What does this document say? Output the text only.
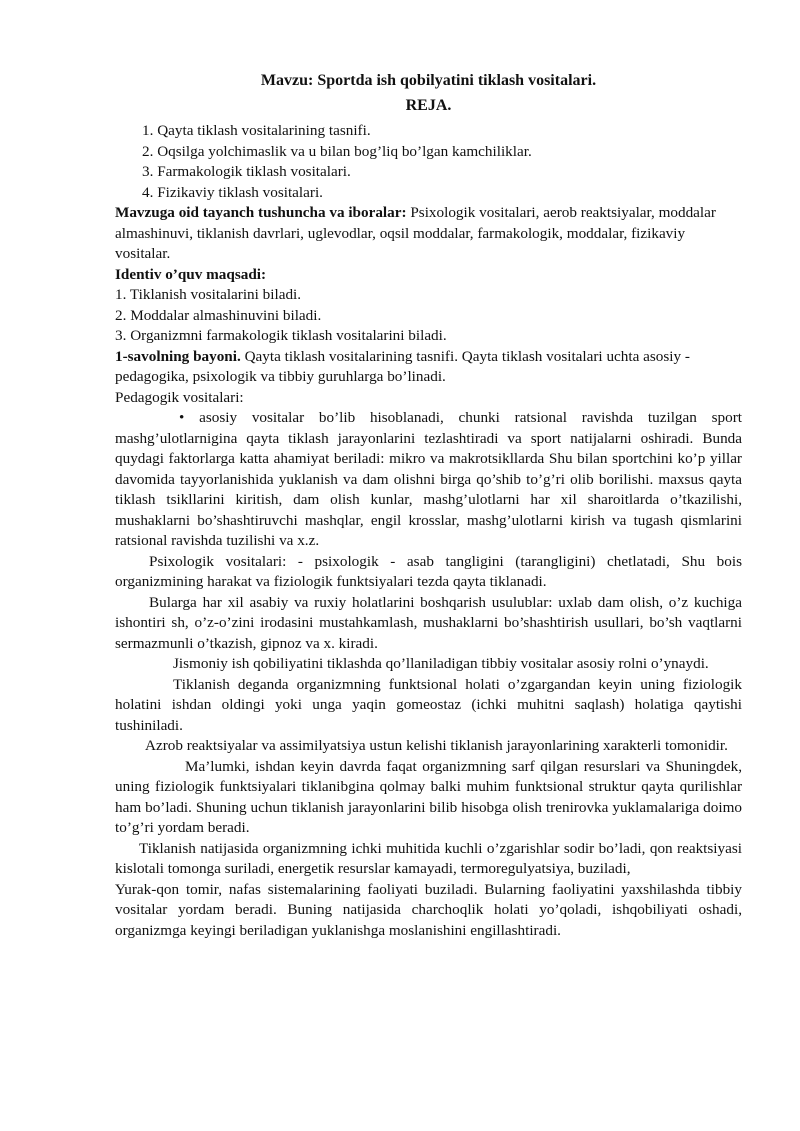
Mavzu: Sportda ish qobilyatini tiklash vositalari.
REJA.
1. Qayta tiklash vositalarining tasnifi.
2. Oqsilga yolchimaslik va u bilan bog’liq bo’lgan kamchiliklar.
3. Farmakologik tiklash vositalari.
4. Fizikaviy tiklash vositalari.

Mavzuga oid tayanch tushuncha va iboralar: Psixologik vositalari, aerob reaktsiyalar, moddalar almashinuvi, tiklanish davrlari, uglevodlar, oqsil moddalar, farmakologik, moddalar, fizikaviy vositalar.

Identiv o’quv maqsadi:

1. Tiklanish vositalarini biladi.

2. Moddalar almashinuvini biladi.

3. Organizmni farmakologik tiklash vositalarini biladi.

1-savolning bayoni. Qayta tiklash vositalarining tasnifi. Qayta tiklash vositalari uchta asosiy - pedagogika, psixologik va tibbiy guruhlarga bo’linadi.

Pedagogik vositalari:

• asosiy vositalar bo’lib hisoblanadi, chunki ratsional ravishda tuzilgan sport mashg’ulotlarnigina qayta tiklash jarayonlarini tezlashtiradi va sport natijalarni oshiradi. Bunda quydagi faktorlarga katta ahamiyat beriladi: mikro va makrotsikllarda Shu bilan sportchini ko’p yillar davomida tayyorlanishida yuklanish va dam olishni birga qo’shib to’g’ri olib borilishi. maxsus qayta tiklash tsikllarini kiritish, dam olish kunlar, mashg’ulotlarni har xil sharoitlarda o’tkazilishi, mushaklarni bo’shashtiruvchi mashqlar, engil krosslar, mashg’ulotlarni kirish va tugash qismlarini ratsional ravishda tuzilishi va x.z.

Psixologik vositalari: - psixologik - asab tangligini (tarangligini) chetlatadi, Shu bois organizmining harakat va fiziologik funktsiyalari tezda qayta tiklanadi.

Bularga har xil asabiy va ruxiy holatlarini boshqarish usulublar: uxlab dam olish, o’z kuchiga ishontiri sh, o’z-o’zini irodasini mustahkamlash, mushaklarni bo’shashtirish usullari, bo’sh vaqtlarni sermazmunli o’tkazish, gipnoz va x. kiradi.

Jismoniy ish qobiliyatini tiklashda qo’llaniladigan tibbiy vositalar asosiy rolni o’ynaydi.

Tiklanish deganda organizmning funktsional holati o’zgargandan keyin uning fiziologik holatini ishdan oldingi yoki unga yaqin gomeostaz (ichki muhitni saqlash) holatiga qaytishi tushiniladi.

Azrob reaktsiyalar va assimilyatsiya ustun kelishi tiklanish jarayonlarining xarakterli tomonidir.

Ma’lumki, ishdan keyin davrda faqat organizmning sarf qilgan resurslari va Shuningdek, uning fiziologik funktsiyalari tiklanibgina qolmay balki muhim funktsional struktur qayta qurilishlar ham bo’ladi. Shuning uchun tiklanish jarayonlarini bilib hisobga olish trenirovka yuklamalariga doimo to’g’ri yordam beradi.

Tiklanish natijasida organizmning ichki muhitida kuchli o’zgarishlar sodir bo’ladi, qon reaktsiyasi kislotali tomonga suriladi, energetik resurslar kamayadi, termoregulyatsiya, buziladi,

Yurak-qon tomir, nafas sistemalarining faoliyati buziladi. Bularning faoliyatini yaxshilashda tibbiy vositalar yordam beradi. Buning natijasida charchoqlik holati yo’qoladi, ishqobiliyati oshadi, organizmga keyingi beriladigan yuklanishga moslanishini engillashtiradi.
